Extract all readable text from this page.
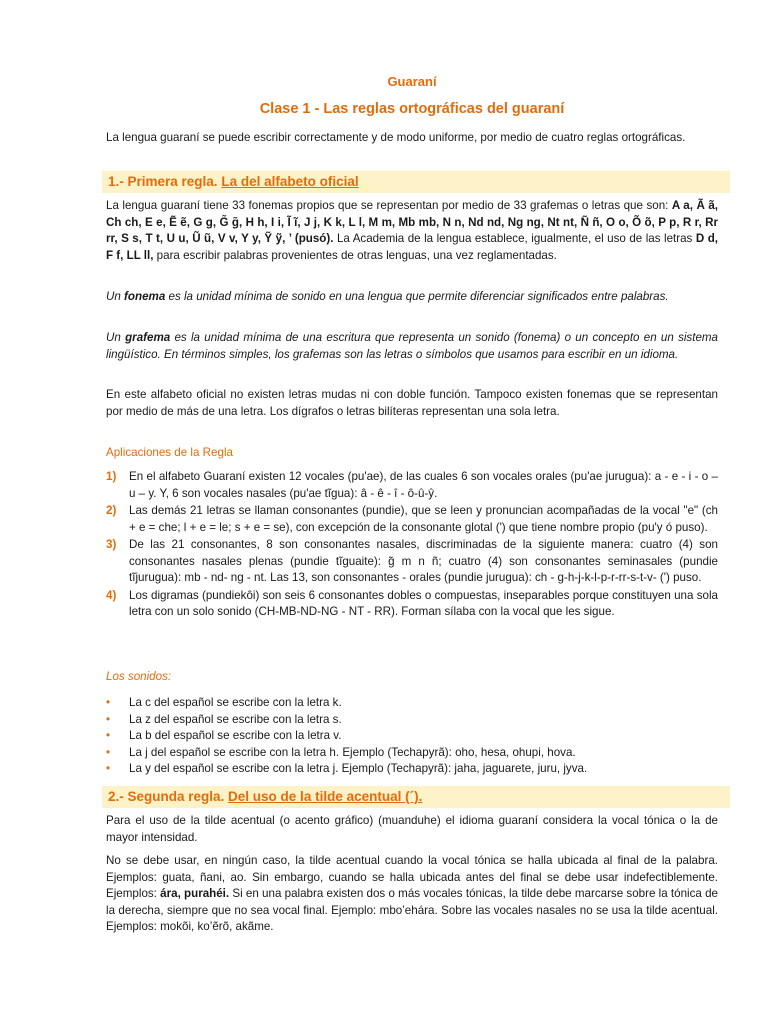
Guaraní

Clase 1 - Las reglas ortográficas del guaraní

La lengua guaraní se puede escribir correctamente y de modo uniforme, por medio de cuatro reglas ortográficas.

1.- Primera regla. La del alfabeto oficial

La lengua guaraní tiene 33 fonemas propios que se representan por medio de 33 grafemas o letras que son: A a, Ã ã, Ch ch, E e, Ẽ ẽ, G g, G̃ g̃, H h, I i, Ĩ ĩ, J j, K k, L l, M m, Mb mb, N n, Nd nd, Ng ng, Nt nt, Ñ ñ, O o, Õ õ, P p, R r, Rr rr, S s, T t, U u, Ũ ũ, V v, Y y, Ỹ ỹ, ’ (pusó). La Academia de la lengua establece, igualmente, el uso de las letras D d, F f, LL ll, para escribir palabras provenientes de otras lenguas, una vez reglamentadas.

Un fonema es la unidad mínima de sonido en una lengua que permite diferenciar significados entre palabras.

Un grafema es la unidad mínima de una escritura que representa un sonido (fonema) o un concepto en un sistema lingüístico. En términos simples, los grafemas son las letras o símbolos que usamos para escribir en un idioma.

En este alfabeto oficial no existen letras mudas ni con doble función. Tampoco existen fonemas que se representan por medio de más de una letra. Los dígrafos o letras bilíteras representan una sola letra.

Aplicaciones de la Regla

1) En el alfabeto Guaraní existen 12 vocales (pu'ae), de las cuales 6 son vocales orales (pu'ae jurugua): a - e - i - o – u – y. Y, 6 son vocales nasales (pu'ae tĩgua): â - ê - î - ô-û-ŷ.
2) Las demás 21 letras se llaman consonantes (pundie), que se leen y pronuncian acompañadas de la vocal "e" (ch + e = che; l + e = le; s + e = se), con excepción de la consonante glotal (') que tiene nombre propio (pu'y ó puso).
3) De las 21 consonantes, 8 son consonantes nasales, discriminadas de la siguiente manera: cuatro (4) son consonantes nasales plenas (pundie tĩguaite): g̃ m n ñ; cuatro (4) son consonantes seminasales (pundie tĩjurugua): mb - nd- ng - nt. Las 13, son consonantes - orales (pundie jurugua): ch - g-h-j-k-l-p-r-rr-s-t-v- (') puso.
4) Los digramas (pundiekôi) son seis 6 consonantes dobles o compuestas, inseparables porque constituyen una sola letra con un solo sonido (CH-MB-ND-NG - NT - RR). Forman sílaba con la vocal que les sigue.

Los sonidos:

• La c del español se escribe con la letra k.
• La z del español se escribe con la letra s.
• La b del español se escribe con la letra v.
• La j del español se escribe con la letra h. Ejemplo (Techapyrã): oho, hesa, ohupi, hova.
• La y del español se escribe con la letra j. Ejemplo (Techapyrã): jaha, jaguarete, juru, jyva.
2.- Segunda regla. Del uso de la tilde acentual (´).

Para el uso de la tilde acentual (o acento gráfico) (muanduhe) el idioma guaraní considera la vocal tónica o la de mayor intensidad.

No se debe usar, en ningún caso, la tilde acentual cuando la vocal tónica se halla ubicada al final de la palabra. Ejemplos: guata, ñani, ao. Sin embargo, cuando se halla ubicada antes del final se debe usar indefectiblemente. Ejemplos: ára, purahéi. Si en una palabra existen dos o más vocales tónicas, la tilde debe marcarse sobre la tónica de la derecha, siempre que no sea vocal final. Ejemplo: mbo’ehára. Sobre las vocales nasales no se usa la tilde acentual. Ejemplos: mokõi, ko’ẽrõ, akãme.
